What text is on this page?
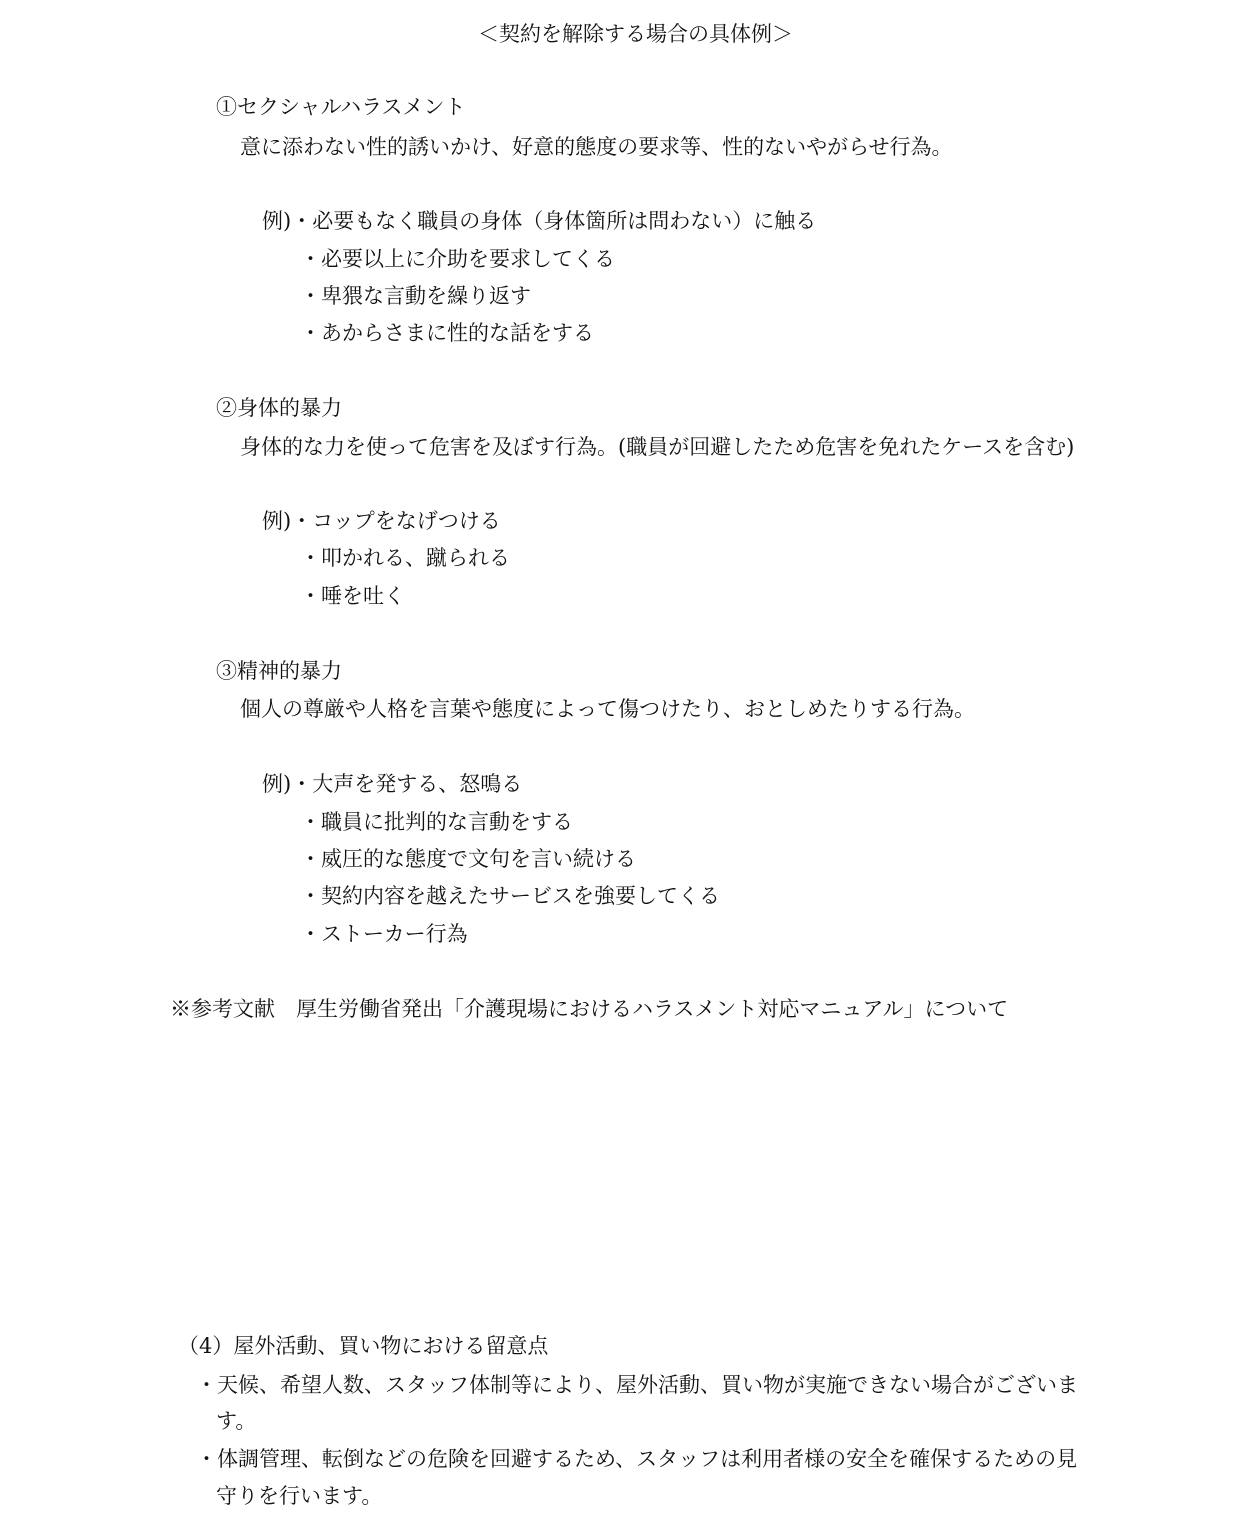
＜契約を解除する場合の具体例＞
①セクシャルハラスメント
意に添わない性的誘いかけ、好意的態度の要求等、性的ないやがらせ行為。
例)・必要もなく職員の身体（身体箇所は問わない）に触る
・必要以上に介助を要求してくる
・卑猥な言動を繰り返す
・あからさまに性的な話をする
②身体的暴力
身体的な力を使って危害を及ぼす行為。(職員が回避したため危害を免れたケースを含む)
例)・コップをなげつける
・叩かれる、蹴られる
・唾を吐く
③精神的暴力
個人の尊厳や人格を言葉や態度によって傷つけたり、おとしめたりする行為。
例)・大声を発する、怒鳴る
・職員に批判的な言動をする
・威圧的な態度で文句を言い続ける
・契約内容を越えたサービスを強要してくる
・ストーカー行為
※参考文献　厚生労働省発出「介護現場におけるハラスメント対応マニュアル」について
（4）屋外活動、買い物における留意点
・天候、希望人数、スタッフ体制等により、屋外活動、買い物が実施できない場合がございま
す。
・体調管理、転倒などの危険を回避するため、スタッフは利用者様の安全を確保するための見
守りを行います。
